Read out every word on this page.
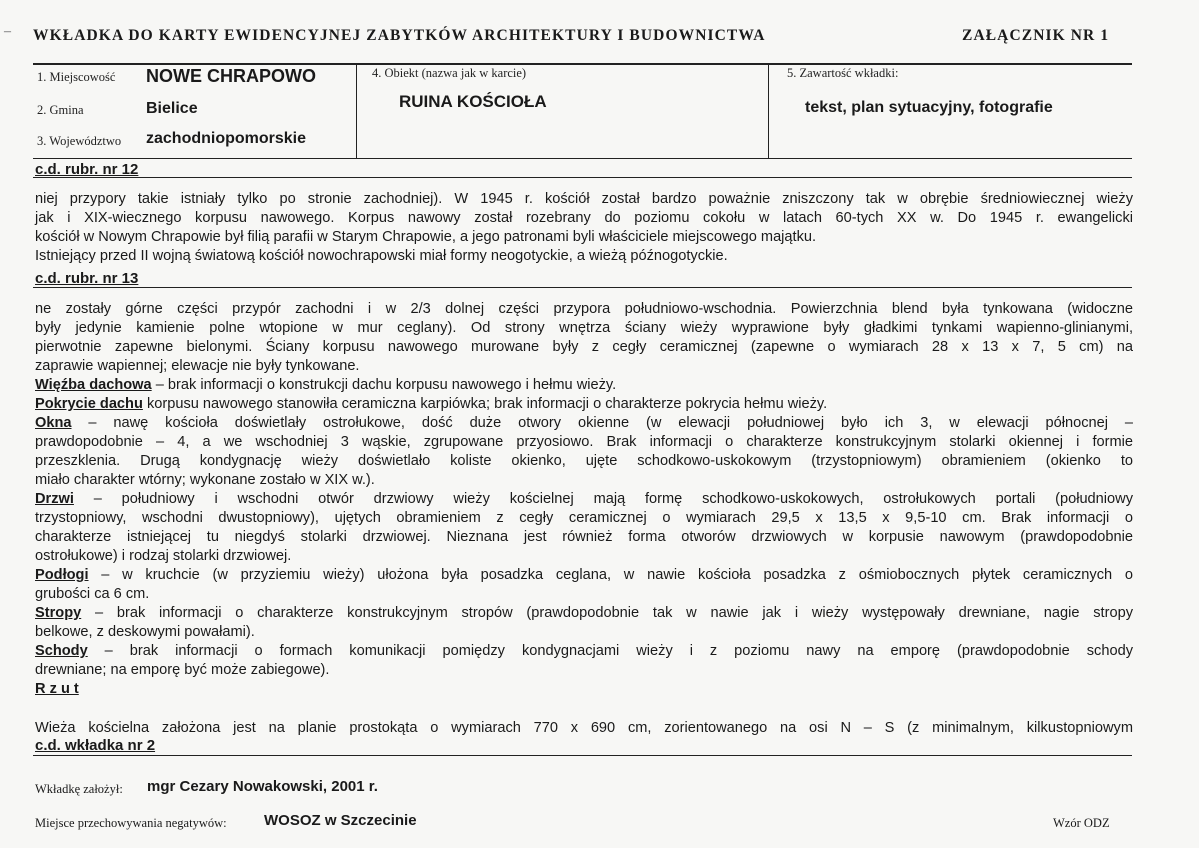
– WKŁADKA DO KARTY EWIDENCYJNEJ ZABYTKÓW ARCHITEKTURY I BUDOWNICTWA	ZAŁĄCZNIK NR 1
1. Miejscowość NOWE CHRAPOWO
2. Gmina	Bielice
3. Województwo zachodniopomorskie
4. Obiekt (nazwa jak w karcie)
RUINA KOŚCIOŁA
5. Zawartość wkładki:
tekst, plan sytuacyjny, fotografie
c.d. rubr. nr 12
niej przypory takie istniały tylko po stronie zachodniej). W 1945 r. kościół został bardzo poważnie zniszczony tak w obrębie średniowiecznej wieży
jak i XIX-wiecznego korpusu nawowego. Korpus nawowy został rozebrany do poziomu cokołu w latach 60-tych XX w. Do 1945 r. ewangelicki
kościół w Nowym Chrapowie był filią parafii w Starym Chrapowie, a jego patronami byli właściciele miejscowego majątku.
Istniejący przed II wojną światową kościół nowochrapowski miał formy neogotyckie, a wieżą późnogotyckie.
c.d. rubr. nr 13
ne zostały górne części przypór zachodni i w 2/3 dolnej części przypora południowo-wschodnia. Powierzchnia blend była tynkowana (widoczne
były jedynie kamienie polne wtopione w mur ceglany). Od strony wnętrza ściany wieży wyprawione były gładkimi tynkami wapienno-glinianymi,
pierwotnie zapewne bielonymi. Ściany korpusu nawowego murowane były z cegły ceramicznej (zapewne o wymiarach 28 x 13 x 7, 5 cm) na
zaprawie wapiennej; elewacje nie były tynkowane.
Więźba dachowa – brak informacji o konstrukcji dachu korpusu nawowego i hełmu wieży.
Pokrycie dachu korpusu nawowego stanowiła ceramiczna karpiówka; brak informacji o charakterze pokrycia hełmu wieży.
Okna – nawę kościoła doświetlały ostrołukowe, dość duże otwory okienne (w elewacji południowej było ich 3, w elewacji północnej –
prawdopodobnie – 4, a we wschodniej 3 wąskie, zgrupowane przyosiowo. Brak informacji o charakterze konstrukcyjnym stolarki okiennej i formie
przeszklenia. Drugą kondygnację wieży doświetlało koliste okienko, ujęte schodkowo-uskokowym (trzystopniowym) obramieniem (okienko to
miało charakter wtórny; wykonane zostało w XIX w.).
Drzwi – południowy i wschodni otwór drzwiowy wieży kościelnej mają formę schodkowo-uskokowych, ostrołukowych portali (południowy
trzystopniowy, wschodni dwustopniowy), ujętych obramieniem z cegły ceramicznej o wymiarach 29,5 x 13,5 x 9,5-10 cm. Brak informacji o
charakterze istniejącej tu niegdyś stolarki drzwiowej. Nieznana jest również forma otworów drzwiowych w korpusie nawowym (prawdopodobnie
ostrołukowe) i rodzaj stolarki drzwiowej.
Podłogi – w kruchcie (w przyziemiu wieży) ułożona była posadzka ceglana, w nawie kościoła posadzka z ośmiobocznych płytek ceramicznych o
grubości ca 6 cm.
Stropy – brak informacji o charakterze konstrukcyjnym stropów (prawdopodobnie tak w nawie jak i wieży występowały drewniane, nagie stropy
belkowe, z deskowymi powałami).
Schody – brak informacji o formach komunikacji pomiędzy kondygnacjami wieży i z poziomu nawy na emporę (prawdopodobnie schody
drewniane; na emporę być może zabiegowe).
R z u t
Wieża kościelna założona jest na planie prostokąta o wymiarach 770 x 690 cm, zorientowanego na osi N – S (z minimalnym, kilkustopniowym
c.d. wkładka nr 2
Wkładkę założył: mgr Cezary Nowakowski, 2001 r.
Miejsce przechowywania negatywów: WOSOZ w Szczecinie	Wzór ODZ
